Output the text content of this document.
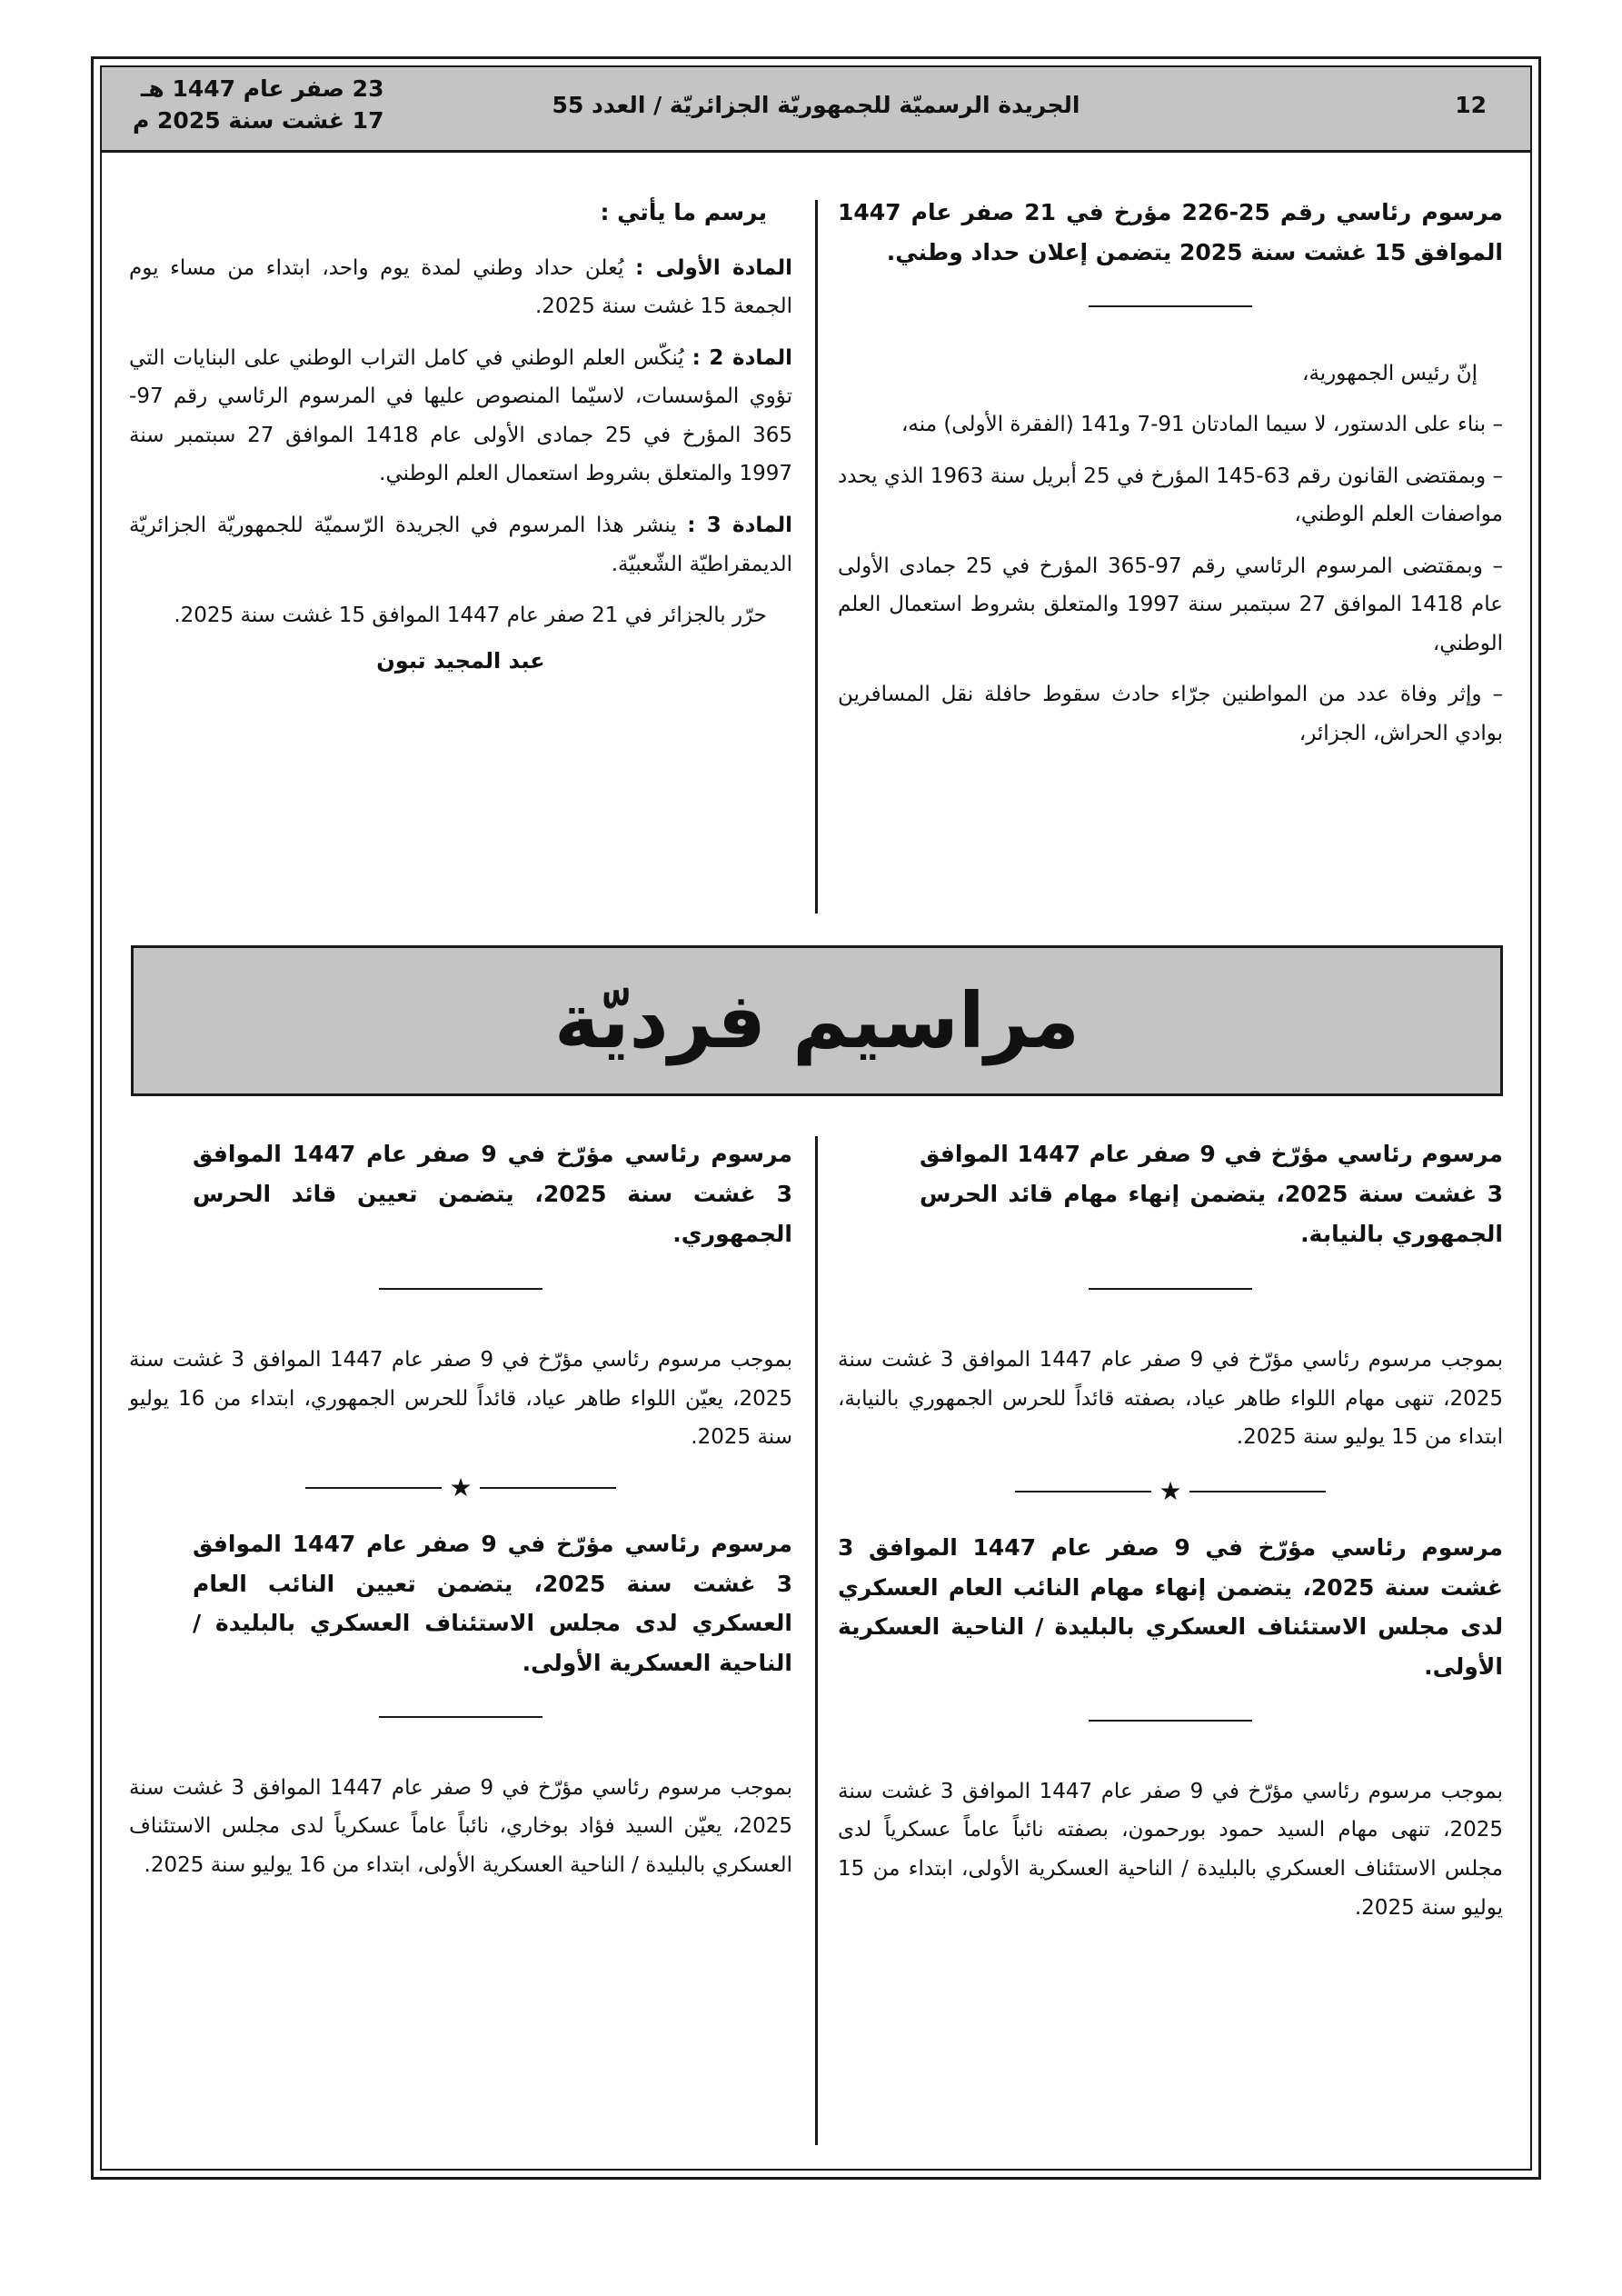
12
الجريدة الرسميّة للجمهوريّة الجزائريّة / العدد 55
23 صفر عام 1447 هـ
17 غشت سنة 2025 م

مرسوم رئاسي رقم 25-226 مؤرخ في 21 صفر عام 1447 الموافق 15 غشت سنة 2025 يتضمن إعلان حداد وطني.

إنّ رئيس الجمهورية،

– بناء على الدستور، لا سيما المادتان 91-7 و141 (الفقرة الأولى) منه،

– وبمقتضى القانون رقم 63-145 المؤرخ في 25 أبريل سنة 1963 الذي يحدد مواصفات العلم الوطني،

– وبمقتضى المرسوم الرئاسي رقم 97-365 المؤرخ في 25 جمادى الأولى عام 1418 الموافق 27 سبتمبر سنة 1997 والمتعلق بشروط استعمال العلم الوطني،

– وإثر وفاة عدد من المواطنين جرّاء حادث سقوط حافلة نقل المسافرين بوادي الحراش، الجزائر،

يرسم ما يأتي :

المادة الأولى : يُعلن حداد وطني لمدة يوم واحد، ابتداء من مساء يوم الجمعة 15 غشت سنة 2025.

المادة 2 : يُنكّس العلم الوطني في كامل التراب الوطني على البنايات التي تؤوي المؤسسات، لاسيّما المنصوص عليها في المرسوم الرئاسي رقم 97-365 المؤرخ في 25 جمادى الأولى عام 1418 الموافق 27 سبتمبر سنة 1997 والمتعلق بشروط استعمال العلم الوطني.

المادة 3 : ينشر هذا المرسوم في الجريدة الرّسميّة للجمهوريّة الجزائريّة الديمقراطيّة الشّعبيّة.

حرّر بالجزائر في 21 صفر عام 1447 الموافق 15 غشت سنة 2025.

عبد المجيد تبون
مراسيم فرديّة

مرسوم رئاسي مؤرّخ في 9 صفر عام 1447 الموافق 3 غشت سنة 2025، يتضمن إنهاء مهام قائد الحرس الجمهوري بالنيابة.

بموجب مرسوم رئاسي مؤرّخ في 9 صفر عام 1447 الموافق 3 غشت سنة 2025، تنهى مهام اللواء طاهر عياد، بصفته قائداً للحرس الجمهوري بالنيابة، ابتداء من 15 يوليو سنة 2025.

★

مرسوم رئاسي مؤرّخ في 9 صفر عام 1447 الموافق 3 غشت سنة 2025، يتضمن إنهاء مهام النائب العام العسكري لدى مجلس الاستئناف العسكري بالبليدة / الناحية العسكرية الأولى.

بموجب مرسوم رئاسي مؤرّخ في 9 صفر عام 1447 الموافق 3 غشت سنة 2025، تنهى مهام السيد حمود بورحمون، بصفته نائباً عاماً عسكرياً لدى مجلس الاستئناف العسكري بالبليدة / الناحية العسكرية الأولى، ابتداء من 15 يوليو سنة 2025.

مرسوم رئاسي مؤرّخ في 9 صفر عام 1447 الموافق 3 غشت سنة 2025، يتضمن تعيين قائد الحرس الجمهوري.

بموجب مرسوم رئاسي مؤرّخ في 9 صفر عام 1447 الموافق 3 غشت سنة 2025، يعيّن اللواء طاهر عياد، قائداً للحرس الجمهوري، ابتداء من 16 يوليو سنة 2025.

★

مرسوم رئاسي مؤرّخ في 9 صفر عام 1447 الموافق 3 غشت سنة 2025، يتضمن تعيين النائب العام العسكري لدى مجلس الاستئناف العسكري بالبليدة / الناحية العسكرية الأولى.

بموجب مرسوم رئاسي مؤرّخ في 9 صفر عام 1447 الموافق 3 غشت سنة 2025، يعيّن السيد فؤاد بوخاري، نائباً عاماً عسكرياً لدى مجلس الاستئناف العسكري بالبليدة / الناحية العسكرية الأولى، ابتداء من 16 يوليو سنة 2025.
